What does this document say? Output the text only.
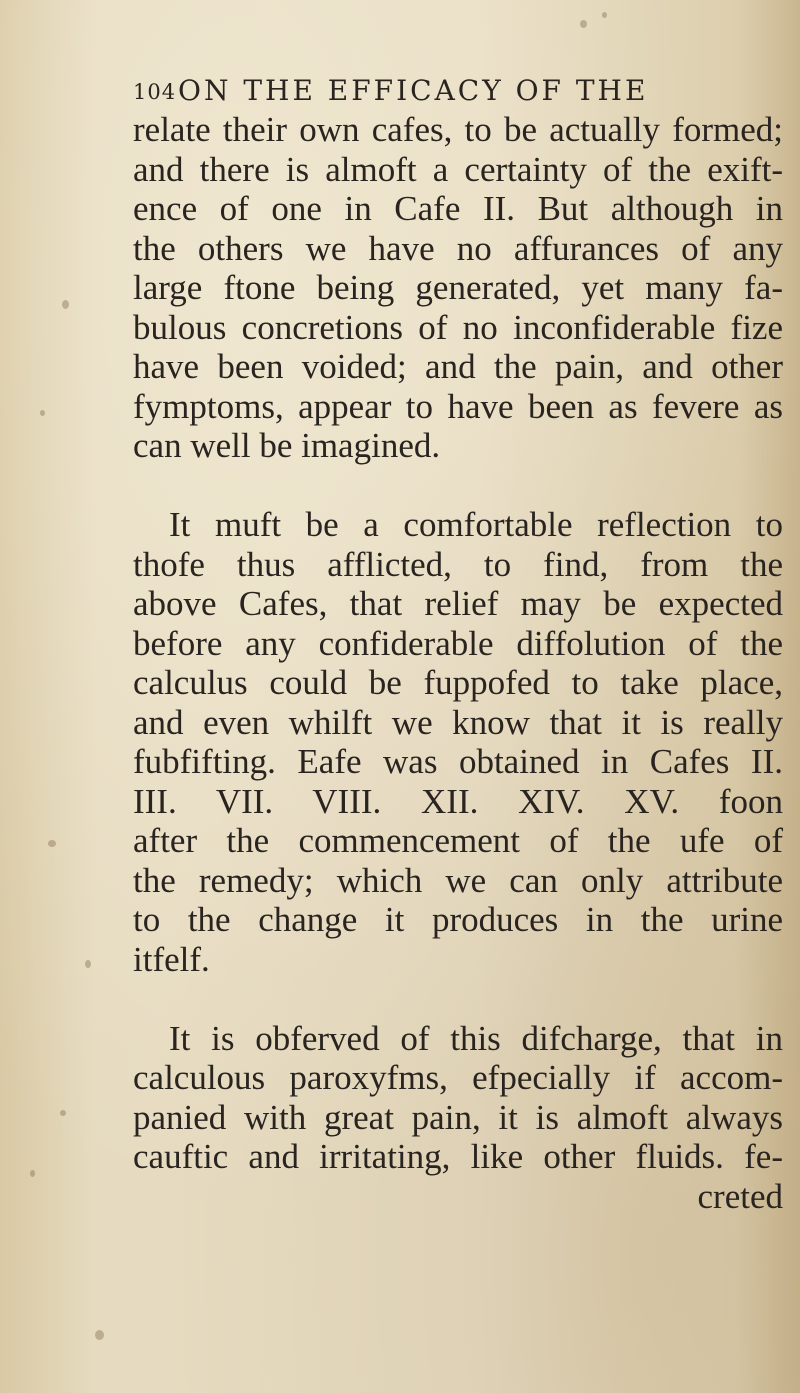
104 ON THE EFFICACY OF THE
relate their own cafes, to be actually formed;
and there is almoft a certainty of the exift-
ence of one in Cafe II. But although in
the others we have no affurances of any
large ftone being generated, yet many fa-
bulous concretions of no inconfiderable fize
have been voided; and the pain, and other
fymptoms, appear to have been as fevere as
can well be imagined.
It muft be a comfortable reflection to
thofe thus afflicted, to find, from the
above Cafes, that relief may be expected
before any confiderable diffolution of the
calculus could be fuppofed to take place,
and even whilft we know that it is really
fubfifting. Eafe was obtained in Cafes II.
III. VII. VIII. XII. XIV. XV. foon
after the commencement of the ufe of
the remedy; which we can only attribute
to the change it produces in the urine
itfelf.
It is obferved of this difcharge, that in
calculous paroxyfms, efpecially if accom-
panied with great pain, it is almoft always
cauftic and irritating, like other fluids. fe-
creted
